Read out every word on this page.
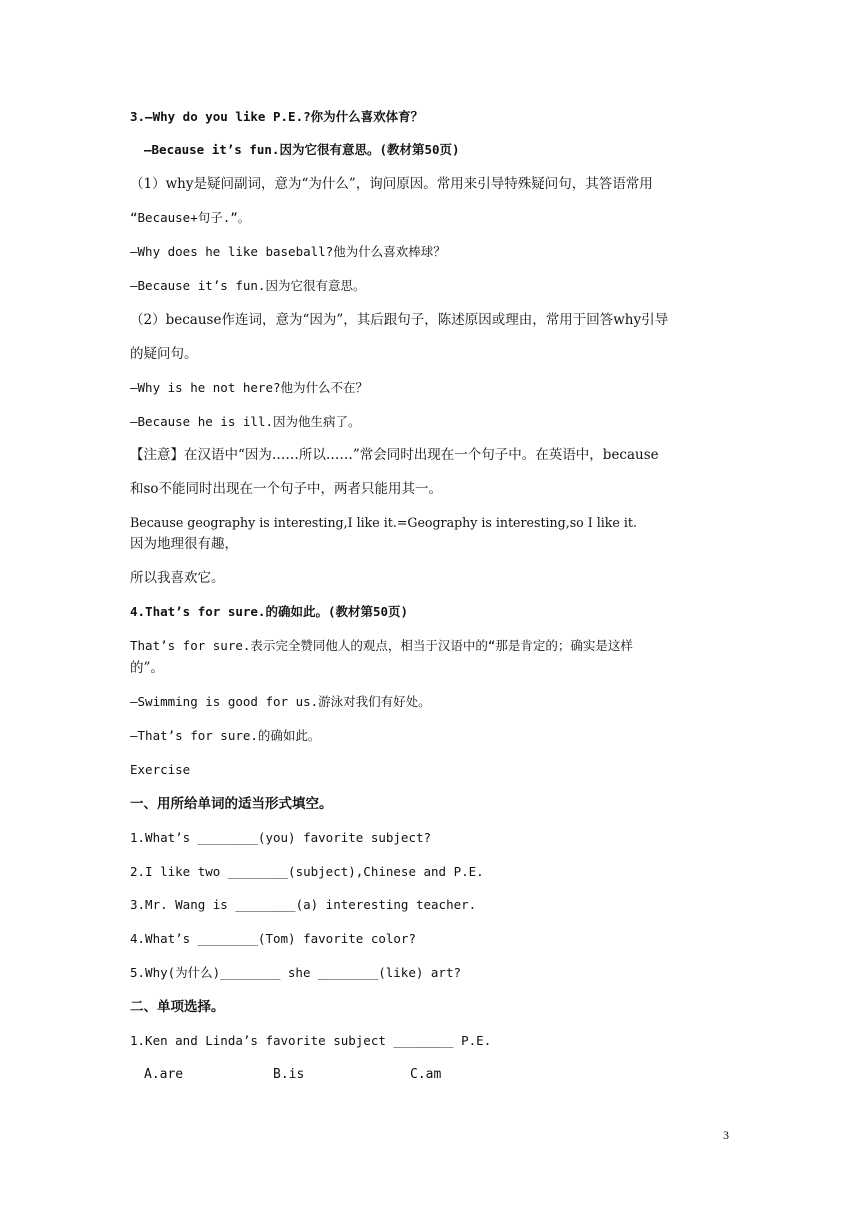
3.—Why do you like P.E.?你为什么喜欢体育？
—Because it’s fun.因为它很有意思。(教材第50页)
（1）why是疑问副词，意为“为什么”，询问原因。常用来引导特殊疑问句，其答语常用
“Because+句子.”。
—Why does he like baseball?他为什么喜欢棒球？
—Because it’s fun.因为它很有意思。
（2）because作连词，意为“因为”，其后跟句子，陈述原因或理由，常用于回答why引导
的疑问句。
—Why is he not here?他为什么不在？
—Because he is ill.因为他生病了。
【注意】在汉语中“因为……所以……”常会同时出现在一个句子中。在英语中，because
和so不能同时出现在一个句子中，两者只能用其一。
Because geography is interesting,I like it.=Geography is interesting,so I like it.
因为地理很有趣，
所以我喜欢它。
4.That’s for sure.的确如此。(教材第50页)
That’s for sure.表示完全赞同他人的观点，相当于汉语中的“那是肯定的；确实是这样
的”。
—Swimming is good for us.游泳对我们有好处。
—That’s for sure.的确如此。
Exercise
一、用所给单词的适当形式填空。
1.What’s ________(you) favorite subject?
2.I like two ________(subject),Chinese and P.E.
3.Mr. Wang is ________(a) interesting teacher.
4.What’s ________(Tom) favorite color?
5.Why(为什么)________ she ________(like) art?
二、单项选择。
1.Ken and Linda’s favorite subject ________ P.E.
A.are	B.is	C.am
3
